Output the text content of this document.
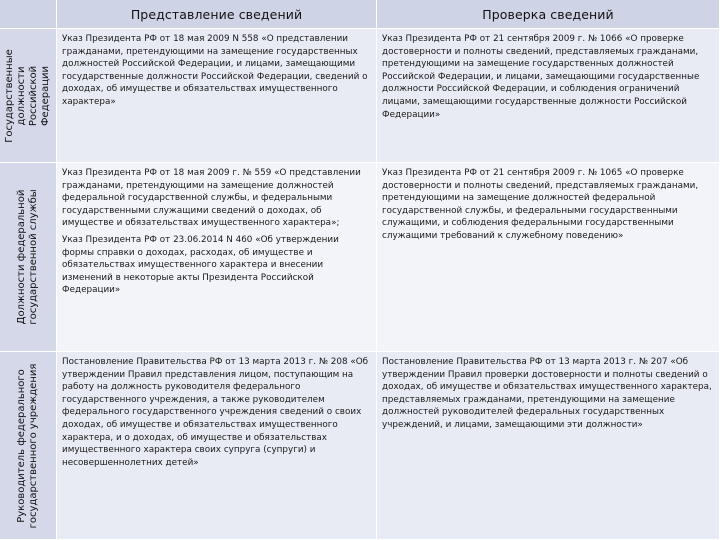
Представление сведений	Проверка сведений
Государственные должности Российской Федерации

Указ Президента РФ от 18 мая 2009 N 558 «О представлении гражданами, претендующими на замещение государственных должностей Российской Федерации, и лицами, замещающими государственные должности Российской Федерации, сведений о доходах, об имуществе и обязательствах имущественного характера»

Указ Президента РФ от 21 сентября 2009 г. № 1066 «О проверке достоверности и полноты сведений, представляемых гражданами, претендующими на замещение государственных должностей Российской Федерации, и лицами, замещающими государственные должности Российской Федерации, и соблюдения ограничений лицами, замещающими государственные должности Российской Федерации»

Должности федеральной государственной службы

Указ Президента РФ от 18 мая 2009 г. № 559 «О представлении гражданами, претендующими на замещение должностей федеральной государственной службы, и федеральными государственными служащими сведений о доходах, об имуществе и обязательствах имущественного характера»;

Указ Президента РФ от 23.06.2014 N 460 «Об утверждении формы справки о доходах, расходах, об имуществе и обязательствах имущественного характера и внесении изменений в некоторые акты Президента Российской Федерации»

Указ Президента РФ от 21 сентября 2009 г. № 1065 «О проверке достоверности и полноты сведений, представляемых гражданами, претендующими на замещение должностей федеральной государственной службы, и федеральными государственными служащими, и соблюдения федеральными государственными служащими требований к служебному поведению»

Руководитель федерального государственного учреждения

Постановление Правительства РФ от 13 марта 2013 г. № 208 «Об утверждении Правил представления лицом, поступающим на работу на должность руководителя федерального государственного учреждения, а также руководителем федерального государственного учреждения сведений о своих доходах, об имуществе и обязательствах имущественного характера, и о доходах, об имуществе и обязательствах имущественного характера своих супруга (супруги) и несовершеннолетних детей»

Постановление Правительства РФ от 13 марта 2013 г. № 207 «Об утверждении Правил проверки достоверности и полноты сведений о доходах, об имуществе и обязательствах имущественного характера, представляемых гражданами, претендующими на замещение должностей руководителей федеральных государственных учреждений, и лицами, замещающими эти должности»
